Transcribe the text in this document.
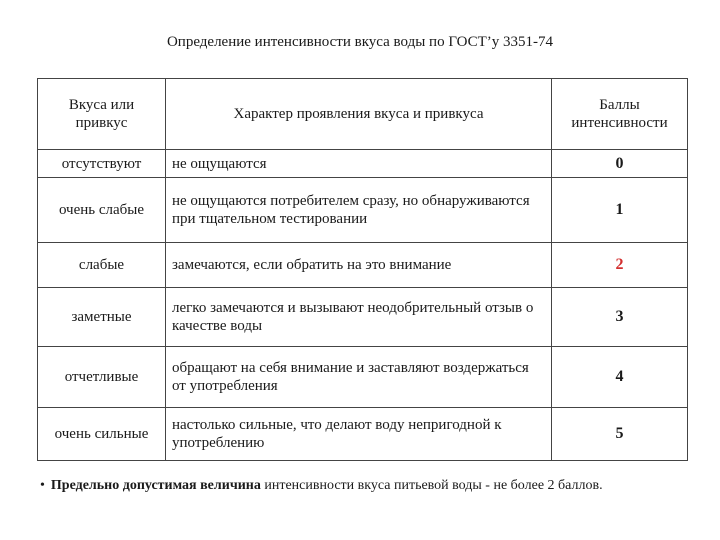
Определение интенсивности вкуса воды по ГОСТ’у 3351-74
Вкуса или привкус	Характер проявления вкуса и привкуса	Баллы интенсивности
отсутствуют	не ощущаются	0
очень слабые	не ощущаются потребителем сразу, но обнаруживаются при тщательном тестировании	1
слабые	замечаются, если обратить на это внимание	2
заметные	легко замечаются и вызывают неодобрительный отзыв о качестве воды	3
отчетливые	обращают на себя внимание и заставляют воздержаться от употребления	4
очень сильные	настолько сильные, что делают воду непригодной к употреблению	5
• Предельно допустимая величина интенсивности вкуса питьевой воды - не более 2 баллов.
